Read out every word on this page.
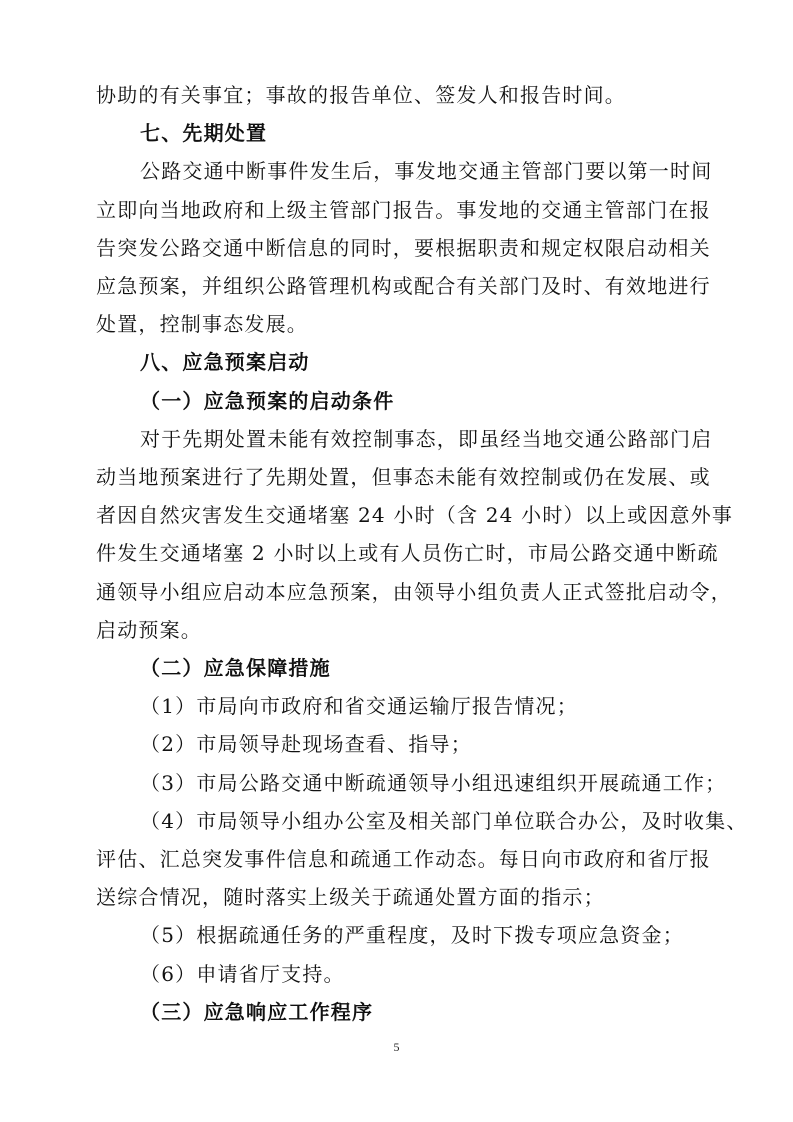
协助的有关事宜；事故的报告单位、签发人和报告时间。
七、先期处置
公路交通中断事件发生后，事发地交通主管部门要以第一时间
立即向当地政府和上级主管部门报告。事发地的交通主管部门在报
告突发公路交通中断信息的同时，要根据职责和规定权限启动相关
应急预案，并组织公路管理机构或配合有关部门及时、有效地进行
处置，控制事态发展。
八、应急预案启动
（一）应急预案的启动条件
对于先期处置未能有效控制事态，即虽经当地交通公路部门启
动当地预案进行了先期处置，但事态未能有效控制或仍在发展、或
者因自然灾害发生交通堵塞 24 小时（含 24 小时）以上或因意外事
件发生交通堵塞 2 小时以上或有人员伤亡时，市局公路交通中断疏
通领导小组应启动本应急预案，由领导小组负责人正式签批启动令，
启动预案。
（二）应急保障措施
（1）市局向市政府和省交通运输厅报告情况；
（2）市局领导赴现场查看、指导；
（3）市局公路交通中断疏通领导小组迅速组织开展疏通工作；
（4）市局领导小组办公室及相关部门单位联合办公，及时收集、
评估、汇总突发事件信息和疏通工作动态。每日向市政府和省厅报
送综合情况，随时落实上级关于疏通处置方面的指示；
（5）根据疏通任务的严重程度，及时下拨专项应急资金；
（6）申请省厅支持。
（三）应急响应工作程序
5
